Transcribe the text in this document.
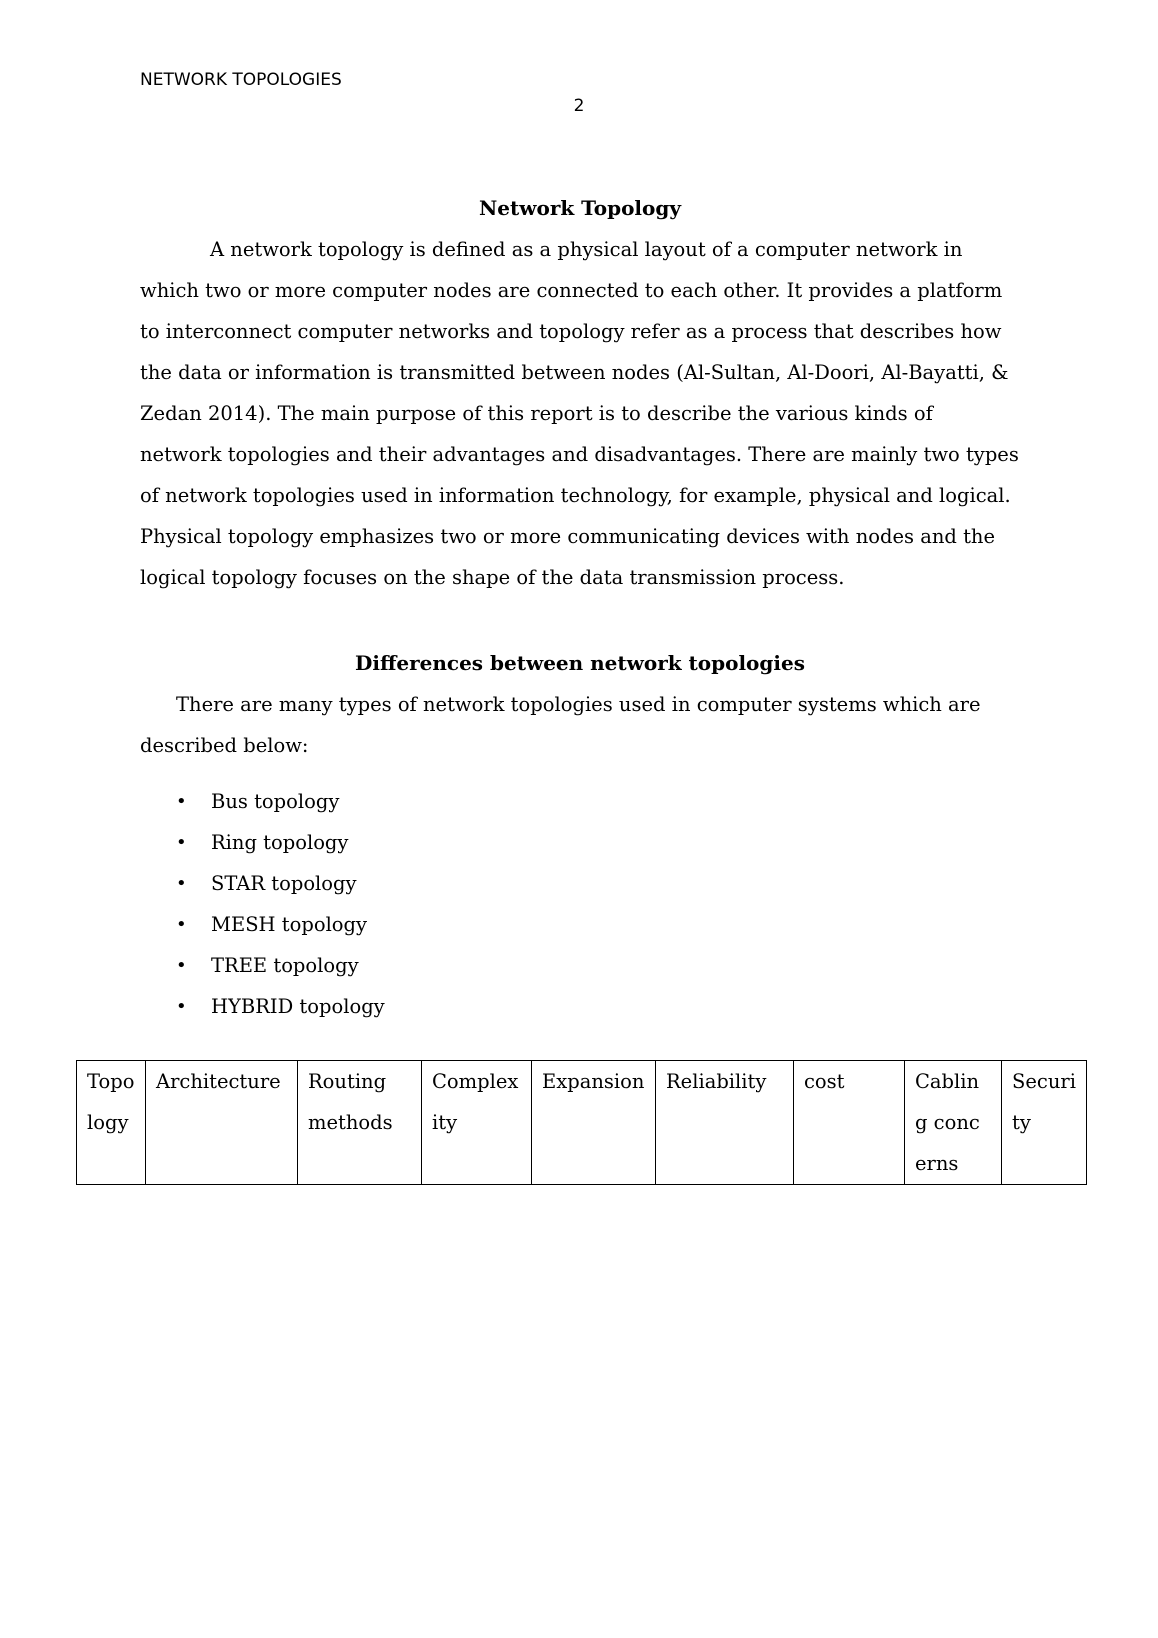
NETWORK TOPOLOGIES
2
Network Topology

A network topology is defined as a physical layout of a computer network in which two or more computer nodes are connected to each other. It provides a platform to interconnect computer networks and topology refer as a process that describes how the data or information is transmitted between nodes (Al-Sultan, Al-Doori, Al-Bayatti, & Zedan 2014). The main purpose of this report is to describe the various kinds of network topologies and their advantages and disadvantages. There are mainly two types of network topologies used in information technology, for example, physical and logical. Physical topology emphasizes two or more communicating devices with nodes and the logical topology focuses on the shape of the data transmission process.

Differences between network topologies

There are many types of network topologies used in computer systems which are described below:

• Bus topology
• Ring topology
• STAR topology
• MESH topology
• TREE topology
• HYBRID topology
Topology	Architecture	Routing methods	Complexity	Expansion	Reliability	cost	Cabling concerns	Security
